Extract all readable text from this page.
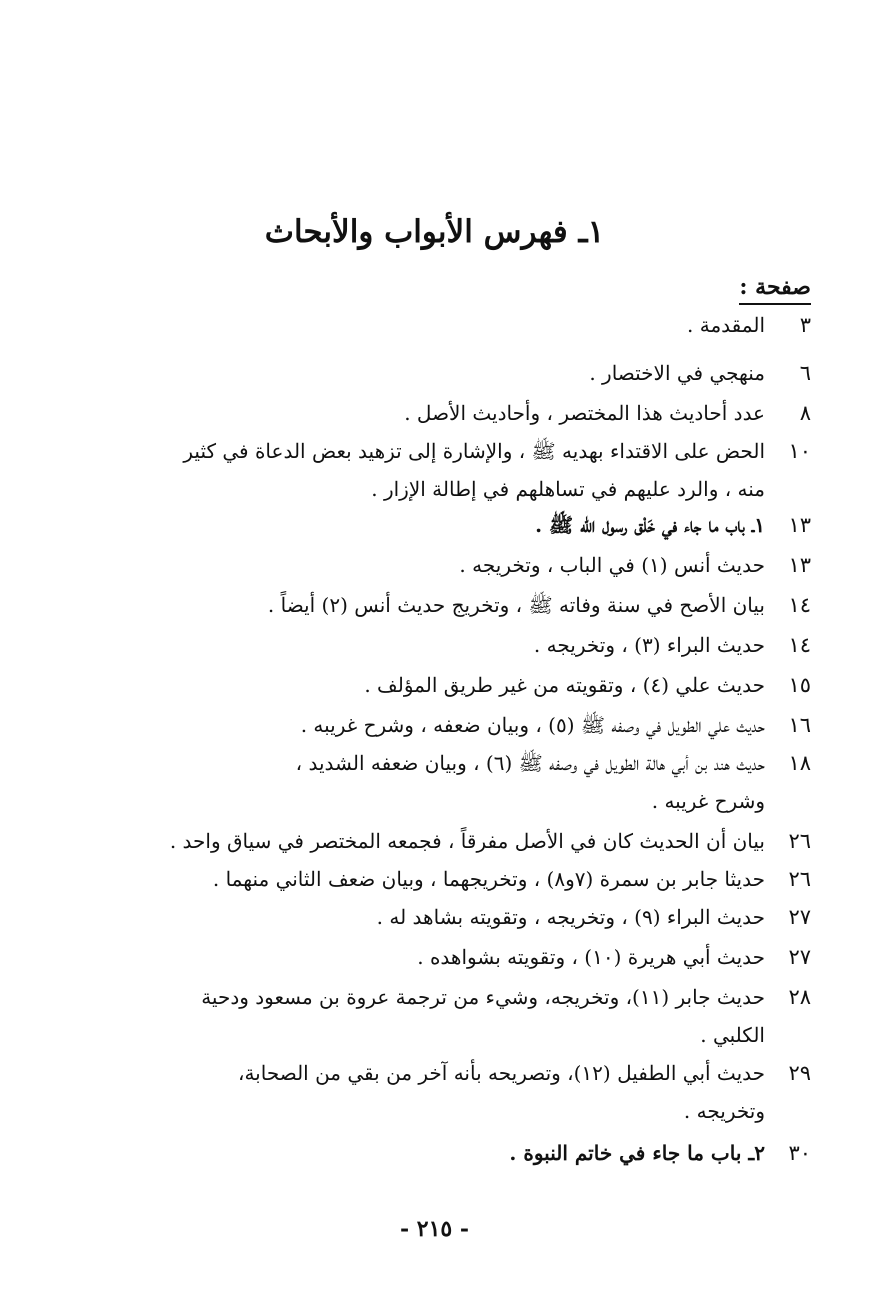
١ـ فهرس الأبواب والأبحاث
صفحة :
٣
المقدمة .
٦
منهجي في الاختصار .
٨
عدد أحاديث هذا المختصر ، وأحاديث الأصل .
١٠
الحض على الاقتداء بهديه ﷺ ، والإشارة إلى تزهيد بعض الدعاة في كثير
منه ، والرد عليهم في تساهلهم في إطالة الإزار .
١٣
١ـ باب ما جاء في خَلْق رسول الله ﷺ .
١٣
حديث أنس (١) في الباب ، وتخريجه .
١٤
بيان الأصح في سنة وفاته ﷺ ، وتخريج حديث أنس (٢) أيضاً .
١٤
حديث البراء (٣) ، وتخريجه .
١٥
حديث علي (٤) ، وتقويته من غير طريق المؤلف .
١٦
حديث علي الطويل في وصفه ﷺ (٥) ، وبيان ضعفه ، وشرح غريبه .
١٨
حديث هند بن أبي هالة الطويل في وصفه ﷺ (٦) ، وبيان ضعفه الشديد ،
وشرح غريبه .
٢٦
بيان أن الحديث كان في الأصل مفرقاً ، فجمعه المختصر في سياق واحد .
٢٦
حديثا جابر بن سمرة (٧و٨) ، وتخريجهما ، وبيان ضعف الثاني منهما .
٢٧
حديث البراء (٩) ، وتخريجه ، وتقويته بشاهد له .
٢٧
حديث أبي هريرة (١٠) ، وتقويته بشواهده .
٢٨
حديث جابر (١١)، وتخريجه، وشيء من ترجمة عروة بن مسعود ودحية
الكلبي .
٢٩
حديث أبي الطفيل (١٢)، وتصريحه بأنه آخر من بقي من الصحابة،
وتخريجه .
٣٠
٢ـ باب ما جاء في خاتم النبوة .
- ٢١٥ -
